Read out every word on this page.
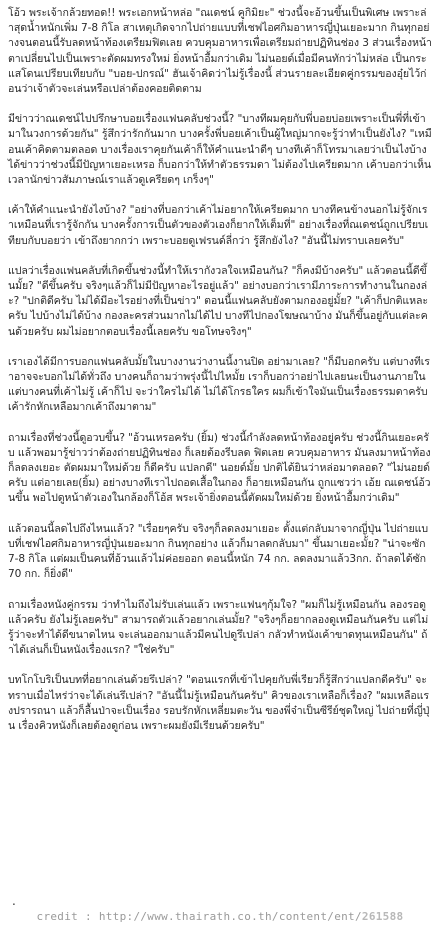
โอ้ว พระเจ้ากล้วยทอด!! พระเอกหน้าหล่อ "ณเดชน์ คูกิมิยะ" ช่วงนี้จะอ้วนขึ้นเป็นพิเศษ เพราะล่าสุดน้ำหนักเพิ่ม 7-8 กิโล สาเหตุเกิดจากไปถ่ายแบบที่เชฟไอศกิมอาหารญี่ปุ่นเยอะมาก กินทุกอย่างจนตอนนี้รับลดหน้าท้องเตรียมฟิตเลย ควบคุมอาหารเพื่อเตรียมถ่ายปฏิทินช่อง 3 ส่วนเรื่องหน้าตาเปลี่ยนไปเป็นเพราะตัดผมทรงใหม่ ยิ่งหน้าอื้มกว่าเดิม ไม่นอยด์เมื่อมีคนทักว่าไม่หล่อ เป็นกระแสโดนเปรียบเทียบกับ "บอย-ปกรณ์" ฮันเจ้าคิดว่าไม่รู้เรื่องนี้ ส่วนรายละเอียดคู่กรรมของอุ๋ยไว้ก่อนว่าเจ้าตัวจะเล่นหรือเปล่าต้องคอยติดตาม

มีข่าวว่าณเดชน์ไปปรึกษาบอยเรื่องแฟนคลับช่วงนี้? "บางทีผมคุยกับพี่บอยบ่อยเพราะเป็นพี่ที่เข้ามาในวงการด้วยกัน" รู้สึกว่ารักกันมาก บางครั้งพี่บอยเค้าเป็นผู้ใหญ่มากจะรู้ว่าทำเป็นยังไง? "เหมือนเค้าคิดตามตลอด บางเรื่องเราคุยกันเค้าก็ให้คำแนะนำดีๆ บางทีเค้าก็โทรมาเลยว่าเป็นไงบ้าง ได้ข่าวว่าช่วงนี้มีปัญหาเยอะเหรอ ก็บอกว่าให้ทำตัวธรรมดา ไม่ต้องไปเครียดมาก เค้าบอกว่าเห็นเวลานักข่าวสัมภาษณ์เราแล้วดูเครียดๆ เกร็งๆ"

เค้าให้คำแนะนำยังไงบ้าง? "อย่างที่บอกว่าเค้าไม่อยากให้เครียดมาก บางทีคนข้างนอกไม่รู้จักเราเหมือนที่เรารู้จักกัน บางครั้งการเป็นตัวของตัวเองก็ยากให้เต็มที่" อย่างเรื่องที่ณเดชน์ถูกเปรียบเทียบกับบอยว่า เข้าถึงยากกว่า เพราะบอยดูเฟรนด์ลี่กว่า รู้สึกยังไง? "อันนี้ไม่ทราบเลยครับ"

แปลว่าเรื่องแฟนคลับที่เกิดขึ้นช่วงนี้ทำให้เรากังวลใจเหมือนกัน? "ก็คงมีบ้างครับ" แล้วตอนนี้ดีขึ้นมั้ย? "ดีขึ้นครับ จริงๆแล้วก็ไม่มีปัญหาอะไรอยู่แล้ว" อย่างบอกว่าเรามีภาระการทำงานในกองล่ะ? "ปกติดีครับ ไม่ได้มีอะไรอย่างที่เป็นข่าว" ตอนนี้แฟนคลับยังตามกองอยู่มั้ย? "เค้าก็ปกติแหละครับ ไปบ้างไม่ได้บ้าง กองละครส่วนมากไม่ได้ไป บางทีไปกองโฆษณาบ้าง มันก็ขึ้นอยู่กับแต่ละคนด้วยครับ ผมไม่อยากตอบเรื่องนี้เลยครับ ขอโทษจริงๆ"

เราเองได้มีการบอกแฟนคลับมั้ยในบางงานว่างานนี้งานปิด อย่ามาเลย? "ก็มีบอกครับ แต่บางทีเราอาจจะบอกไม่ได้ทั่วถึง บางคนก็ถามว่าพรุ่งนี้ไปไหมั้ย เราก็บอกว่าอย่าไปเลยนะเป็นงานภายใน แต่บางคนที่เค้าไม่รู้ เค้าก็ไป จะว่าใครไม่ได้ ไม่ได้โกรธใคร ผมก็เข้าใจมันเป็นเรื่องธรรมดาครับ เค้ารักหักเหลือมากเค้าถึงมาตาม"

ถามเรื่องที่ช่วงนี้ดูอวบขึ้น? "อ้วนเหรอครับ (ยิ้ม) ช่วงนี้กำลังลดหน้าท้องอยู่ครับ ช่วงนี้กินเยอะครับ แล้วพอมารู้ข่าวว่าต้องถ่ายปฏิทินช่อง ก็เลยต้องรีบลด ฟิตเลย ควบคุมอาหาร มันลงมาหน้าท้อง ก็ลดลงเยอะ ตัดผมมาใหม่ด้วย ก็ดีครับ แปลกดี" นอยด์มั้ย ปกติได้ยินว่าหล่อมาตลอด? "ไม่นอยด์ครับ แต่อายเลย(ยิ้ม) อย่างบางทีเราไปถอดเสื้อในกอง ก็อายเหมือนกัน ถูกแซวว่า เอ้ย ณเดชน์อ้วนขึ้น พอไปดูหน้าตัวเองในกล้องก็โอ้ส พระเจ้ายิ่งตอนนี้ตัดผมใหม่ด้วย ยิ่งหน้าอื้มกว่าเดิม"

แล้วตอนนี้ลดไปถึงไหนแล้ว? "เรื่อยๆครับ จริงๆก็ลดลงมาเยอะ ตั้งแต่กลับมาจากญี่ปุ่น ไปถ่ายแบบที่เชฟไอศกิมอาหารญี่ปุ่นเยอะมาก กินทุกอย่าง แล้วก็มาลดกลับมา" ขึ้นมาเยอะมั้ย? "น่าจะซัก 7-8 กิโล แต่ผมเป็นคนที่อ้วนแล้วไม่ค่อยออก ตอนนี้หนัก 74 กก. ลดลงมาแล้ว3กก. ถ้าลดได้ซัก 70 กก. ก็ยิ่งดี"

ถามเรื่องหนังคู่กรรม ว่าทำไมถึงไม่รับเล่นแล้ว เพราะแฟนๆกุ้มใจ? "ผมก็ไม่รู้เหมือนกัน ลองรอดูแล้วครับ ยังไม่รู้เลยครับ" สามารถตัวแล้วอยากเล่นมั้ย? "จริงๆก็อยากลองดูเหมือนกันครับ แต่ไม่รู้ว่าจะทำได้ดีขนาดไหน จะเล่นออกมาแล้วมีคนไปดูรึเปล่า กลัวทำหนังเค้าขาดทุนเหมือนกัน" ถ้าได้เล่นก็เป็นหนังเรื่องแรก? "ใช่ครับ"

บทโกโบริเป็นบทที่อยากเล่นด้วยรึเปล่า? "ตอนแรกที่เข้าไปคุยกับพี่เรียวก็รู้สึกว่าแปลกดีครับ" จะทราบเมื่อไหร่ว่าจะได้เล่นรึเปล่า? "อันนี้ไม่รู้เหมือนกันครับ" คิวของเราเหลือก็เรื่อง? "ผมเหลือแรงปรารถนา แล้วก็ลื้นป่าจะเป็นเรื่อง รอบรักหักเหลี่ยมตะวัน ของพี่จ๋าเป็นซีรีย์ชุดใหญ่ ไปถ่ายที่ญี่ปุ่น เรื่องคิวหนังก็เลยต้องดูก่อน เพราะผมยังมีเรียนด้วยครับ"

.
credit : http://www.thairath.co.th/content/ent/261588
